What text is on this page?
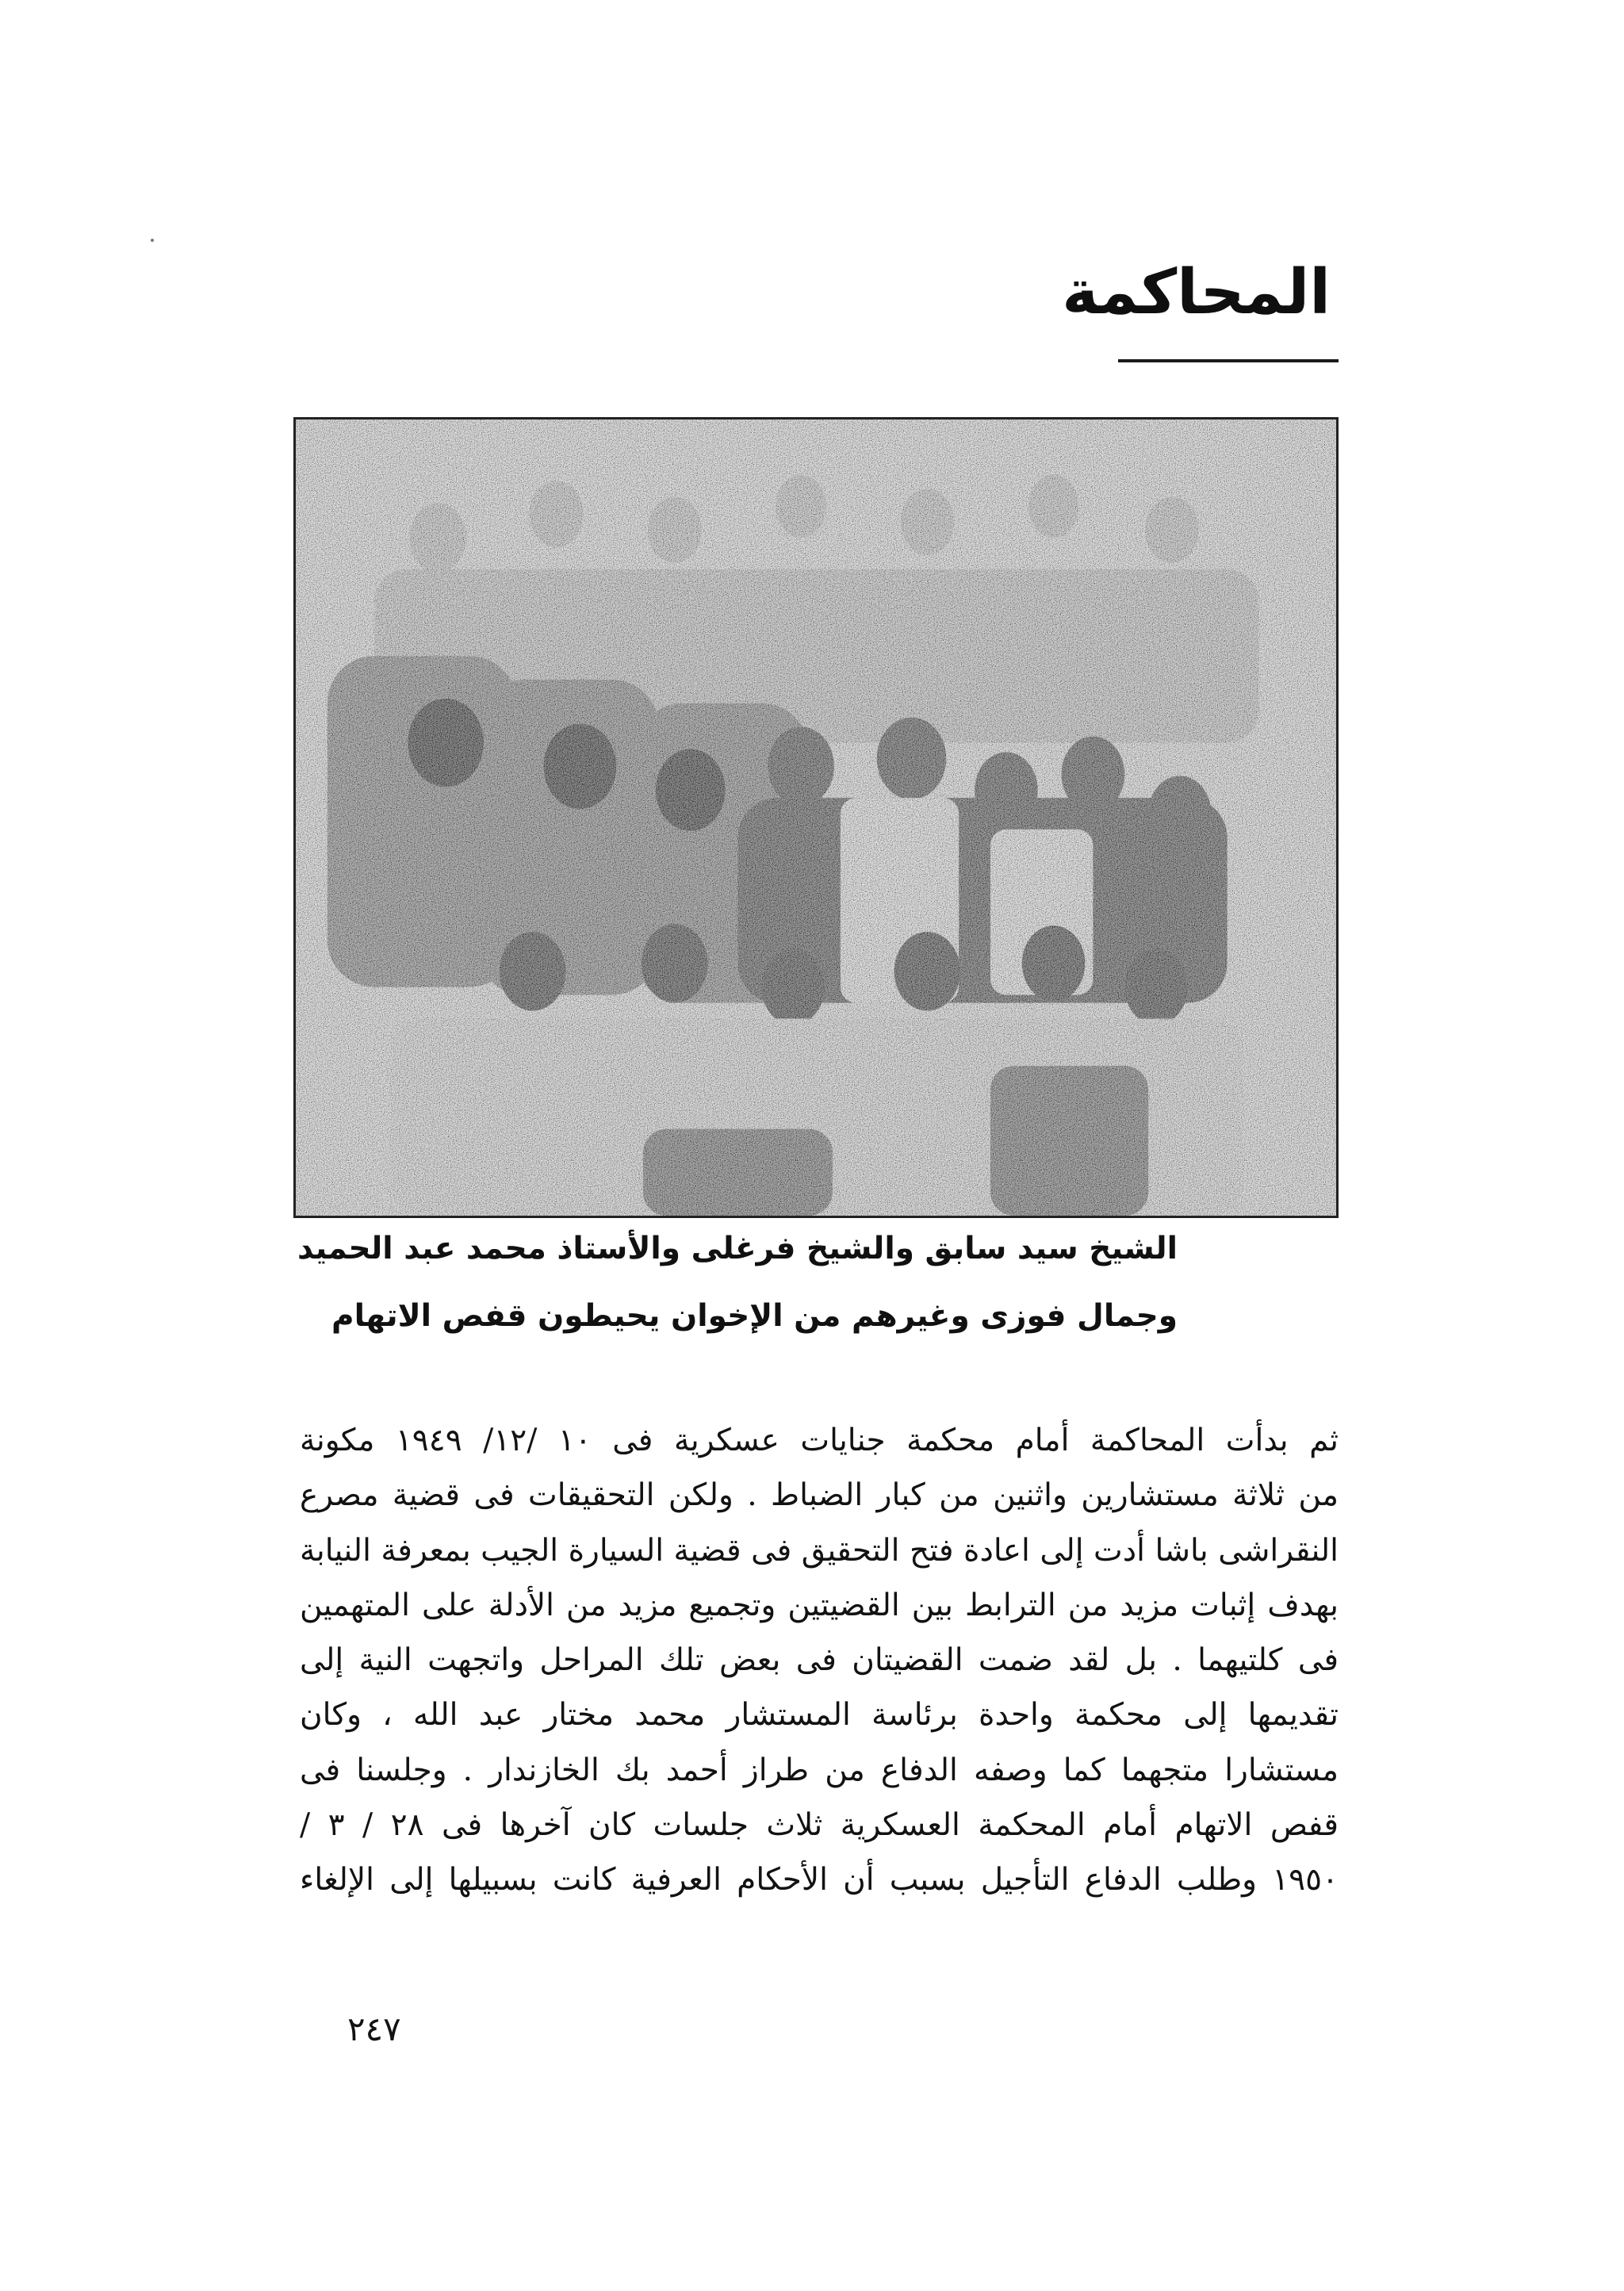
المحاكمة

الشيخ سيد سابق والشيخ فرغلى والأستاذ محمد عبد الحميد

وجمال فوزى وغيرهم من الإخوان يحيطون قفص الاتهام

ثم بدأت المحاكمة أمام محكمة جنايات عسكرية فى ١٠ /١٢/ ١٩٤٩ مكونة
من ثلاثة مستشارين واثنين من كبار الضباط . ولكن التحقيقات فى قضية مصرع
النقراشى باشا أدت إلى اعادة فتح التحقيق فى قضية السيارة الجيب بمعرفة النيابة
بهدف إثبات مزيد من الترابط بين القضيتين وتجميع مزيد من الأدلة على المتهمين
فى كلتيهما . بل لقد ضمت القضيتان فى بعض تلك المراحل واتجهت النية إلى
تقديمها إلى محكمة واحدة برئاسة المستشار محمد مختار عبد الله ، وكان
مستشارا متجهما كما وصفه الدفاع من طراز أحمد بك الخازندار . وجلسنا فى
قفص الاتهام أمام المحكمة العسكرية ثلاث جلسات كان آخرها فى ٢٨ / ٣ /
١٩٥٠ وطلب الدفاع التأجيل بسبب أن الأحكام العرفية كانت بسبيلها إلى الإلغاء

٢٤٧
